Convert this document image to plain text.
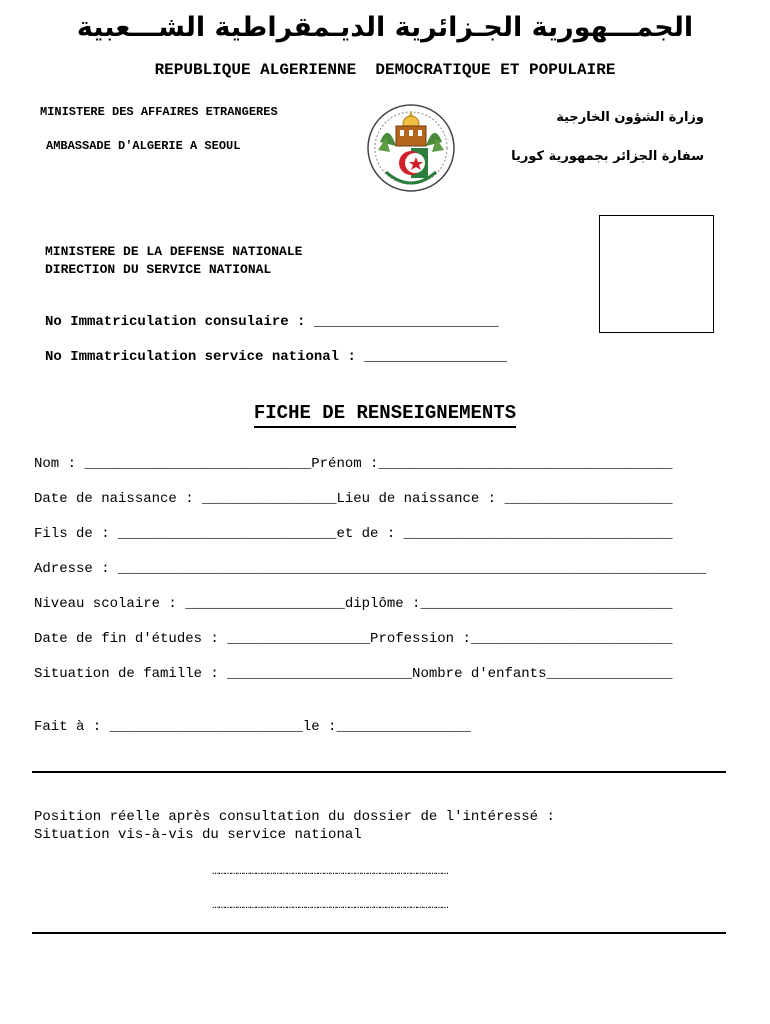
الجمـــهورية الجـزائرية الديـمقراطية الشـــعبية
REPUBLIQUE ALGERIENNE  DEMOCRATIQUE ET POPULAIRE
MINISTERE DES AFFAIRES ETRANGERES
AMBASSADE D'ALGERIE A SEOUL
وزارة الشؤون الخارجية
سفارة الجزائر بجمهورية كوريا
MINISTERE DE LA DEFENSE NATIONALE
DIRECTION DU SERVICE NATIONAL
No Immatriculation consulaire : ______________________
No Immatriculation service national : _________________
FICHE DE RENSEIGNEMENTS
Nom : ___________________________Prénom :___________________________________
Date de naissance : ________________Lieu de naissance : ____________________
Fils de : __________________________et de : ________________________________
Adresse : ______________________________________________________________________
Niveau scolaire : ___________________diplôme :______________________________
Date de fin d'études : _________________Profession :________________________
Situation de famille : ______________________Nombre d'enfants_______________
Fait à : _______________________le :________________
Position réelle après consultation du dossier de l'intéressé :
Situation vis-à-vis du service national
……………………………………………………………………………………………………
……………………………………………………………………………………………………
